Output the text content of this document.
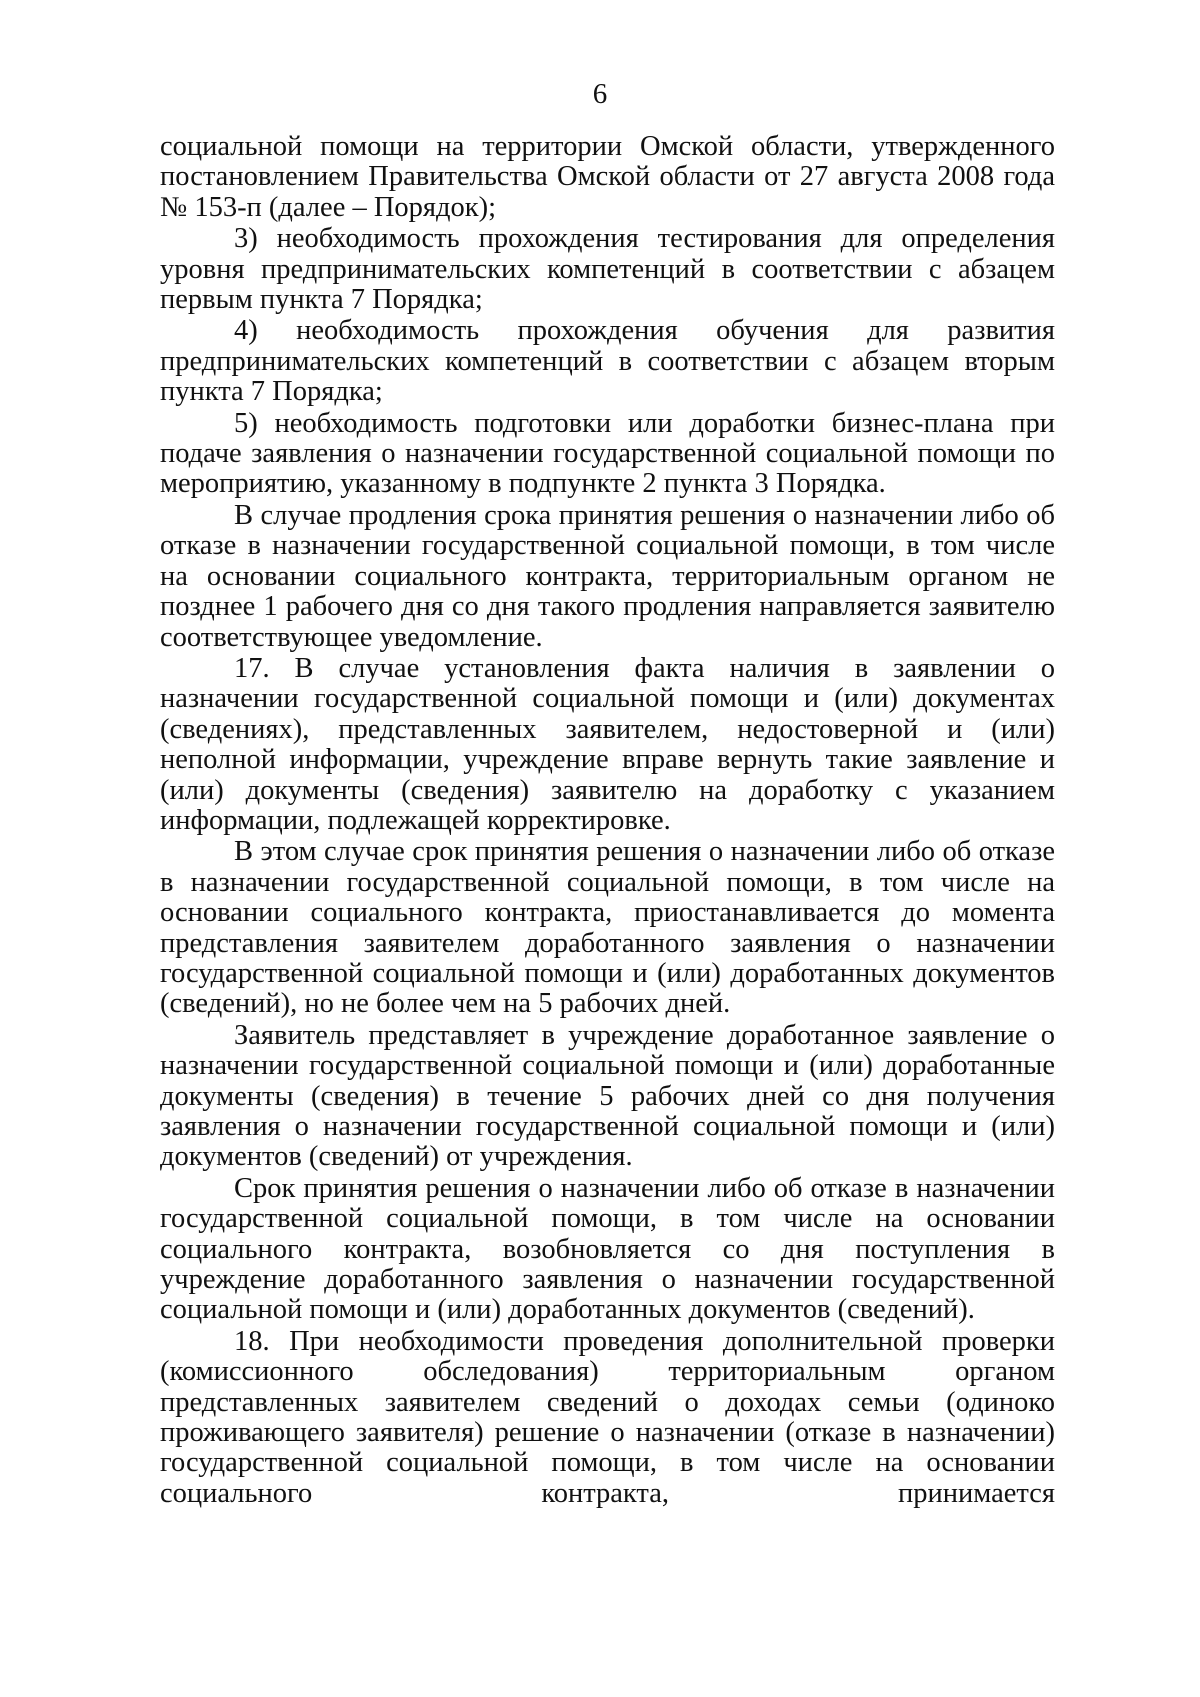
6

социальной помощи на территории Омской области, утвержденного постановлением Правительства Омской области от 27 августа 2008 года № 153-п (далее – Порядок);

3) необходимость прохождения тестирования для определения уровня предпринимательских компетенций в соответствии с абзацем первым пункта 7 Порядка;

4) необходимость прохождения обучения для развития предпринимательских компетенций в соответствии с абзацем вторым пункта 7 Порядка;

5) необходимость подготовки или доработки бизнес-плана при подаче заявления о назначении государственной социальной помощи по мероприятию, указанному в подпункте 2 пункта 3 Порядка.

В случае продления срока принятия решения о назначении либо об отказе в назначении государственной социальной помощи, в том числе на основании социального контракта, территориальным органом не позднее 1 рабочего дня со дня такого продления направляется заявителю соответствующее уведомление.

17. В случае установления факта наличия в заявлении о назначении государственной социальной помощи и (или) документах (сведениях), представленных заявителем, недостоверной и (или) неполной информации, учреждение вправе вернуть такие заявление и (или) документы (сведения) заявителю на доработку с указанием информации, подлежащей корректировке.

В этом случае срок принятия решения о назначении либо об отказе в назначении государственной социальной помощи, в том числе на основании социального контракта, приостанавливается до момента представления заявителем доработанного заявления о назначении государственной социальной помощи и (или) доработанных документов (сведений), но не более чем на 5 рабочих дней.

Заявитель представляет в учреждение доработанное заявление о назначении государственной социальной помощи и (или) доработанные документы (сведения) в течение 5 рабочих дней со дня получения заявления о назначении государственной социальной помощи и (или) документов (сведений) от учреждения.

Срок принятия решения о назначении либо об отказе в назначении государственной социальной помощи, в том числе на основании социального контракта, возобновляется со дня поступления в учреждение доработанного заявления о назначении государственной социальной помощи и (или) доработанных документов (сведений).

18. При необходимости проведения дополнительной проверки (комиссионного обследования) территориальным органом представленных заявителем сведений о доходах семьи (одиноко проживающего заявителя) решение о назначении (отказе в назначении) государственной социальной помощи, в том числе на основании социального контракта, принимается
